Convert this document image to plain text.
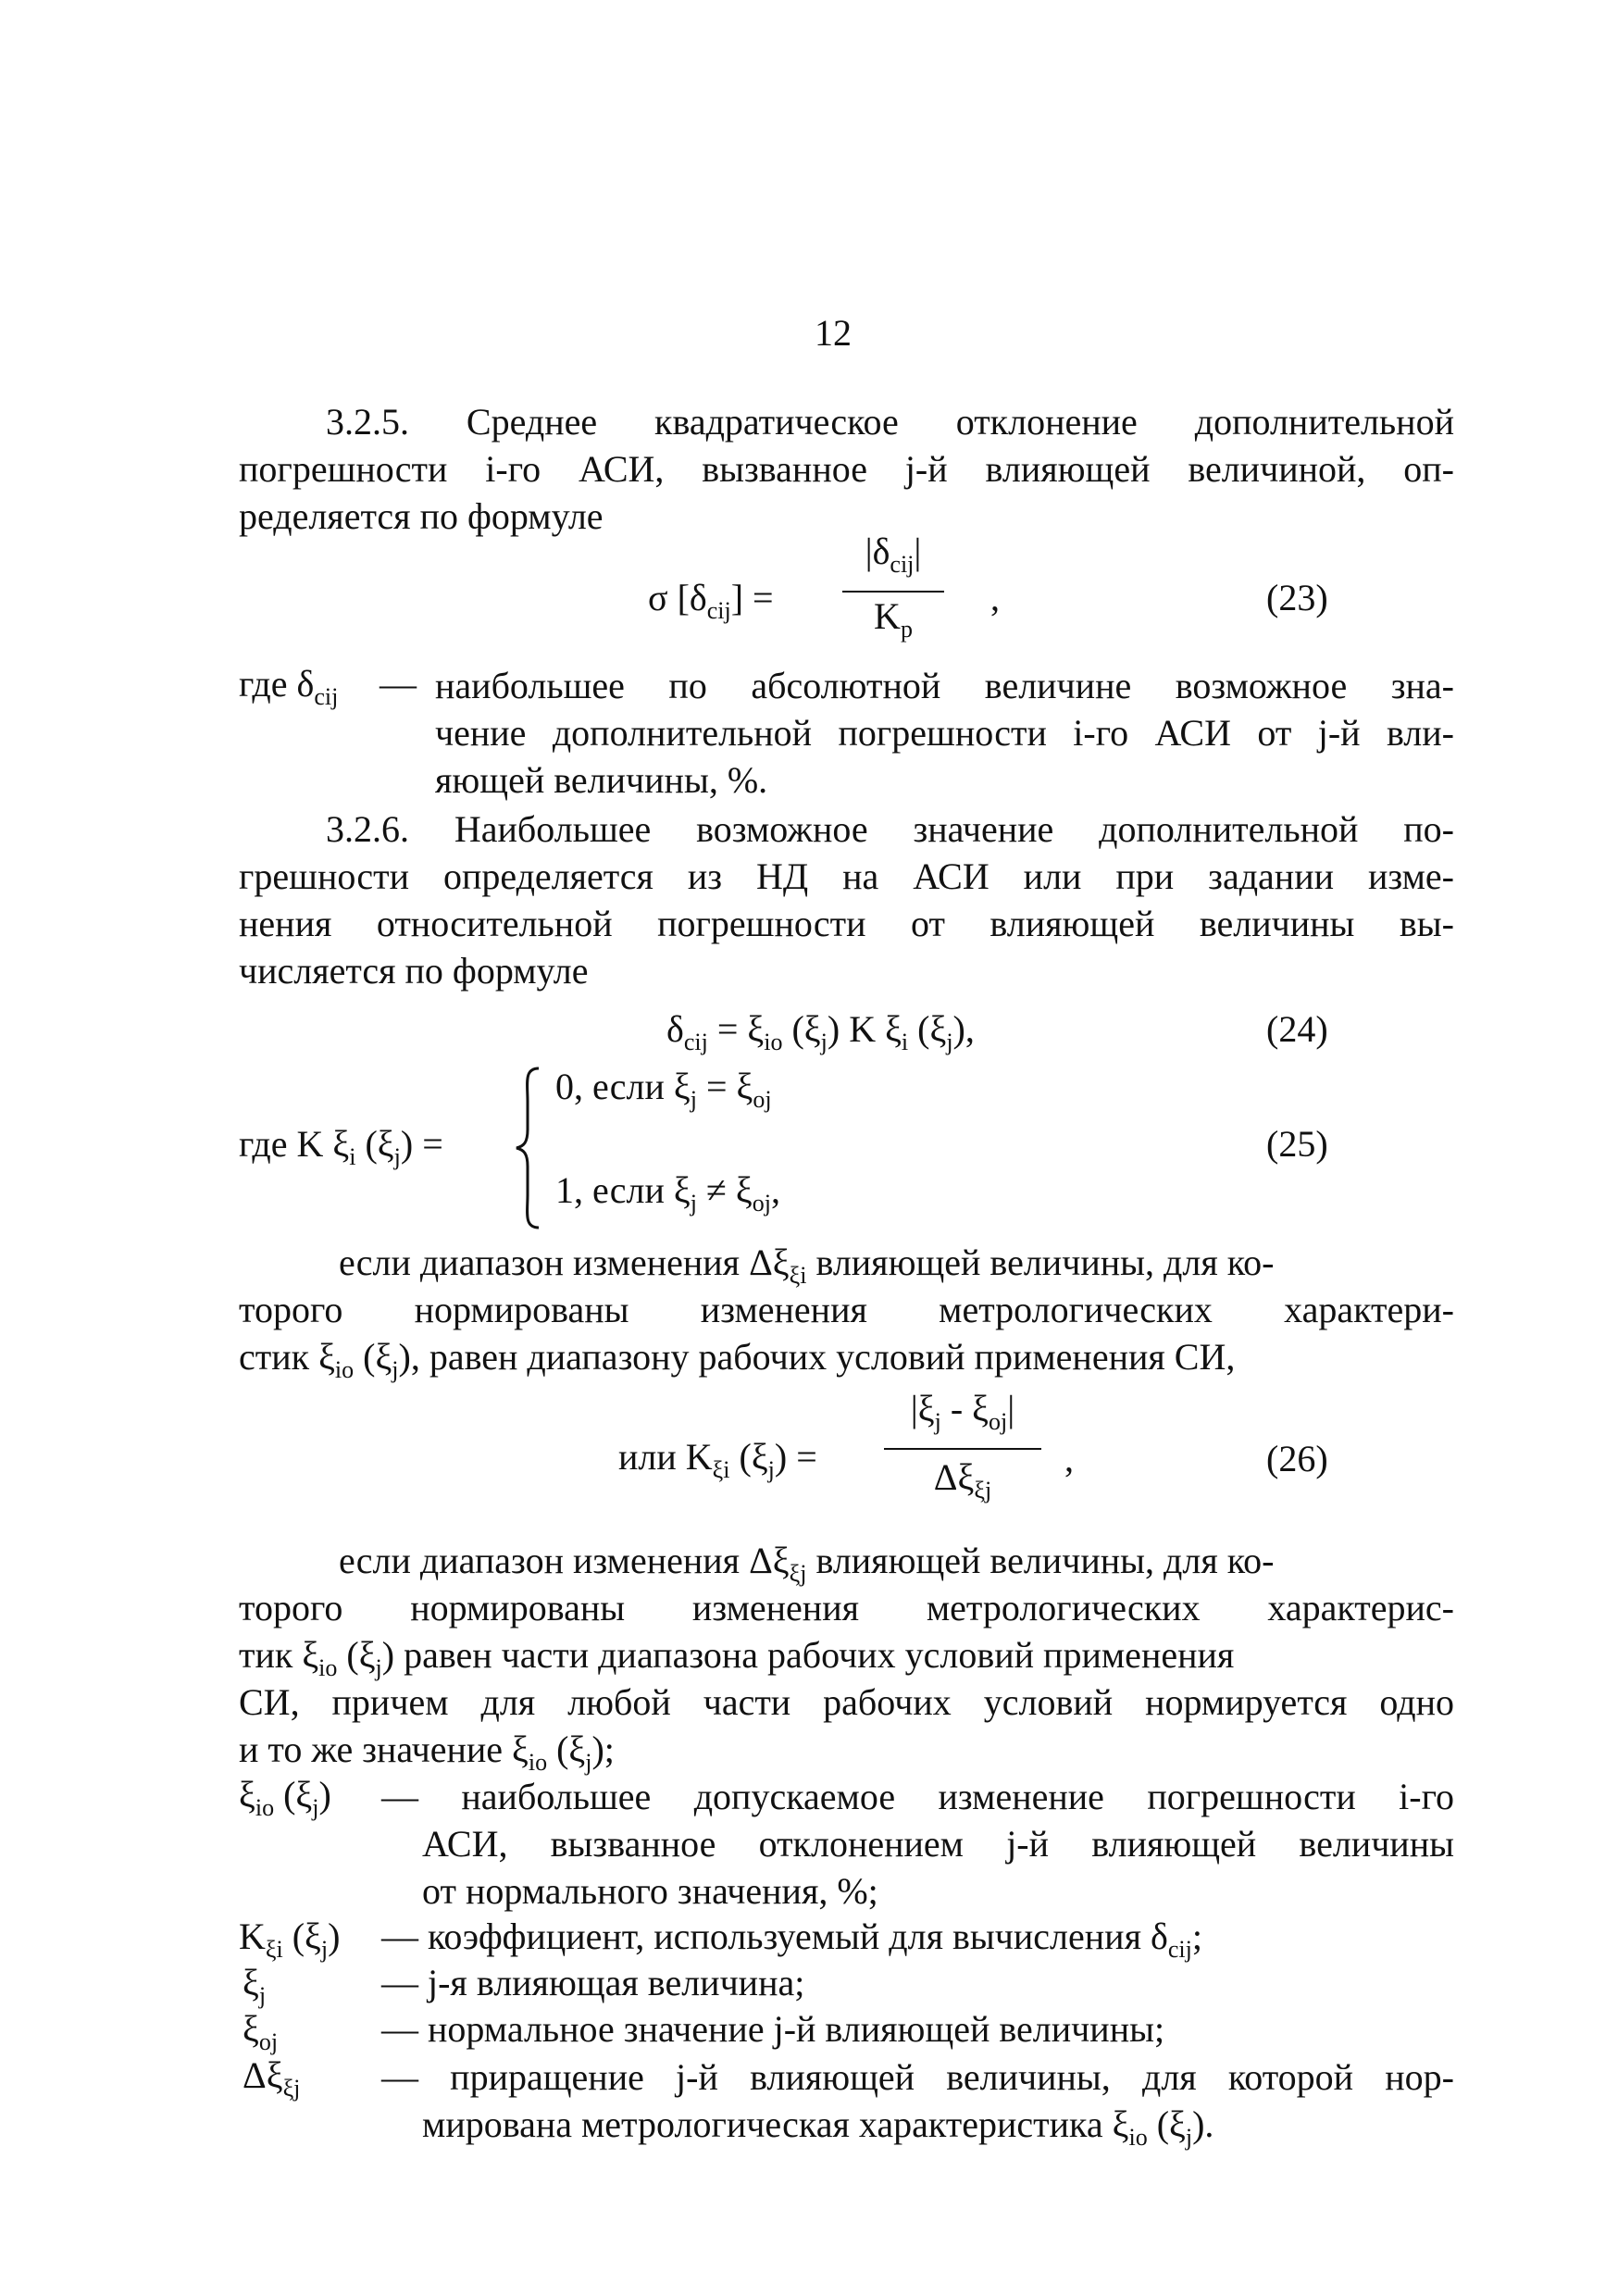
12
3.2.5. Среднее квадратическое отклонение дополнительной
погрешности i-го АСИ, вызванное j-й влияющей величиной, оп-
ределяется по формуле
σ $[\delta_{cij}]$ =
$|\delta_{cij}|$
$K_p$
,	(23)
где $\delta_{cij}$ — наибольшее по абсолютной величине возможное зна-
чение дополнительной погрешности i-го АСИ от j-й вли-
яющей величины, %.
3.2.6. Наибольшее возможное значение дополнительной по-
грешности определяется из НД на АСИ или при задании изме-
нения относительной погрешности от влияющей величины вы-
числяется по формуле
$\delta_{cij} = \xi_{io}$ $(\xi_j)$ K $\xi_i$ $(\xi_j)$,	(24)
где K $\xi_i$ $(\xi_j)$ =
0, если $\xi_j = \xi_{oj}$
1, если $\xi_j \ne \xi_{oj}$,
(25)
если диапазон изменения $\Delta\xi_{\xi i}$ влияющей величины, для ко-
торого нормированы изменения метрологических характери-
стик $\xi_{io}$ $(\xi_j)$, равен диапазону рабочих условий применения СИ,
или $K_{\xi i}$ $(\xi_j)$ =
$|\xi_j - \xi_{oj}|$
$\Delta\xi_{\xi j}$
,	(26)
если диапазон изменения $\Delta\xi_{\xi j}$ влияющей величины, для ко-
торого нормированы изменения метрологических характерис-
тик $\xi_{io}$ $(\xi_j)$ равен части диапазона рабочих условий применения
СИ, причем для любой части рабочих условий нормируется одно
и то же значение $\xi_{io}$ $(\xi_j)$;
$\xi_{io}$ $(\xi_j)$ — наибольшее допускаемое изменение погрешности i-го
АСИ, вызванное отклонением j-й влияющей величины
от нормального значения, %;
$K_{\xi i}$ $(\xi_j)$ — коэффициент, используемый для вычисления $\delta_{cij}$;
$\xi_j$	— j-я влияющая величина;
$\xi_{oj}$	— нормальное значение j-й влияющей величины;
$\Delta\xi_{\xi j}$ — приращение j-й влияющей величины, для которой нор-
мирована метрологическая характеристика $\xi_{io}$ $(\xi_j)$.
